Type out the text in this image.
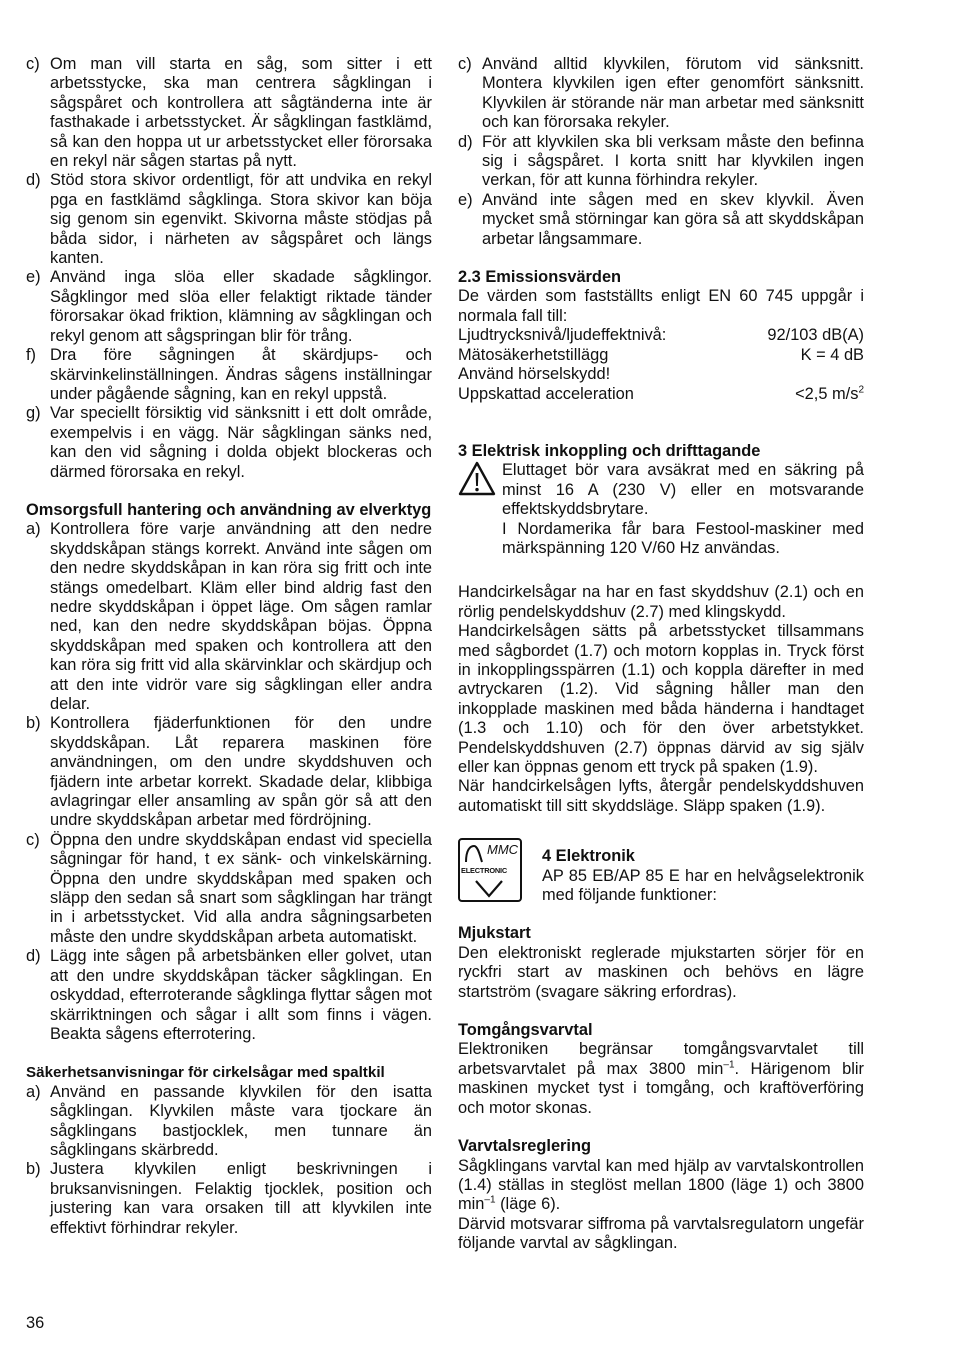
c) Om man vill starta en såg, som sitter i ett arbetsstycke, ska man centrera sågklingan i sågspåret och kontrollera att sågtänderna inte är fasthakade i arbetsstycket. Är sågklingan fastklämd, så kan den hoppa ut ur arbetsstycket eller förorsaka en rekyl när sågen startas på nytt.
d) Stöd stora skivor ordentligt, för att undvika en rekyl pga en fastklämd sågklinga. Stora skivor kan böja sig genom sin egenvikt. Skivorna måste stödjas på båda sidor, i närheten av sågspåret och längs kanten.
e) Använd inga slöa eller skadade sågklingor. Sågklingor med slöa eller felaktigt riktade tänder förorsakar ökad friktion, klämning av sågklingan och rekyl genom att sågspringan blir för trång.
f) Dra före sågningen åt skärdjups- och skärvinkelinställningen. Ändras sågens inställningar under pågående sågning, kan en rekyl uppstå.
g) Var speciellt försiktig vid sänksnitt i ett dolt område, exempelvis i en vägg. När sågklingan sänks ned, kan den vid sågning i dolda objekt blockeras och därmed förorsaka en rekyl.
Omsorgsfull hantering och användning av elverktyg
a) Kontrollera före varje användning att den nedre skyddskåpan stängs korrekt. Använd inte sågen om den nedre skyddskåpan in kan röra sig fritt och inte stängs omedelbart. Kläm eller bind aldrig fast den nedre skyddskåpan i öppet läge. Om sågen ramlar ned, kan den nedre skyddskåpan böjas. Öppna skyddskåpan med spaken och kontrollera att den kan röra sig fritt vid alla skärvinklar och skärdjup och att den inte vidrör vare sig sågklingan eller andra delar.
b) Kontrollera fjäderfunktionen för den undre skyddskåpan. Låt reparera maskinen före användningen, om den undre skyddshuven och fjädern inte arbetar korrekt. Skadade delar, klibbiga avlagringar eller ansamling av spån gör så att den undre skyddskåpan arbetar med fördröjning.
c) Öppna den undre skyddskåpan endast vid speciella sågningar för hand, t ex sänk- och vinkelskärning. Öppna den undre skyddskåpan med spaken och släpp den sedan så snart som sågklingan har trängt in i arbetsstycket. Vid alla andra sågningsarbeten måste den undre skyddskåpan arbeta automatiskt.
d) Lägg inte sågen på arbetsbänken eller golvet, utan att den undre skyddskåpan täcker sågklingan. En oskyddad, efterroterande sågklinga flyttar sågen mot skärriktningen och sågar i allt som finns i vägen. Beakta sågens efterrotering.
Säkerhetsanvisningar för cirkelsågar med spaltkil
a) Använd en passande klyvkilen för den isatta sågklingan. Klyvkilen måste vara tjockare än sågklingans bastjocklek, men tunnare än sågklingans skärbredd.
b) Justera klyvkilen enligt beskrivningen i bruksanvisningen. Felaktig tjocklek, position och justering kan vara orsaken till att klyvkilen inte effektivt förhindrar rekyler.
c) Använd alltid klyvkilen, förutom vid sänksnitt. Montera klyvkilen igen efter genomfört sänksnitt. Klyvkilen är störande när man arbetar med sänksnitt och kan förorsaka rekyler.
d) För att klyvkilen ska bli verksam måste den befinna sig i sågspåret. I korta snitt har klyvkilen ingen verkan, för att kunna förhindra rekyler.
e) Använd inte sågen med en skev klyvkil. Även mycket små störningar kan göra så att skyddskåpan arbetar långsammare.
2.3 Emissionsvärden
De värden som fastställts enligt EN 60 745 uppgår i normala fall till:
Ljudtrycksnivå/ljudeffektnivå:	92/103 dB(A)
Mätosäkerhetstillägg	K = 4 dB
Använd hörselskydd!
Uppskattad acceleration	<2,5 $m/s^2$
3 Elektrisk inkoppling och drifttagande
Eluttaget bör vara avsäkrat med en säkring på minst 16 A (230 V) eller en motsvarande effektskyddsbrytare.
I Nordamerika får bara Festool-maskiner med märkspänning 120 V/60 Hz användas.
Handcirkelsågar na har en fast skyddshuv (2.1) och en rörlig pendelskyddshuv (2.7) med klingskydd.
Handcirkelsågen sätts på arbetsstycket tillsammans med sågbordet (1.7) och motorn kopplas in. Tryck först in inkopplingsspärren (1.1) och koppla därefter in med avtryckaren (1.2). Vid sågning håller man den inkopplade maskinen med båda händerna i handtaget (1.3 och 1.10) och för den över arbetstykket. Pendelskyddshuven (2.7) öppnas därvid av sig själv eller kan öppnas genom ett tryck på spaken (1.9).
När handcirkelsågen lyfts, återgår pendelskyddshuven automatiskt till sitt skyddsläge. Släpp spaken (1.9).
MMC
ELECTRONIC
4 Elektronik
AP 85 EB/AP 85 E har en helvågselektronik med följande funktioner:
Mjukstart
Den elektroniskt reglerade mjukstarten sörjer för en ryckfri start av maskinen och behövs en lägre startström (svagare säkring erfordras).
Tomgångsvarvtal
Elektroniken begränsar tomgångsvarvtalet till arbetsvarvtalet på max 3800 $\min^{-1}$. Härigenom blir maskinen mycket tyst i tomgång, och kraftöverföring och motor skonas.
Varvtalsreglering
Sågklingans varvtal kan med hjälp av varvtalskontrollen (1.4) ställas in steglöst mellan 1800 (läge 1) och 3800 $\min^{-1}$ (läge 6).
Därvid motsvarar siffroma på varvtalsregulatorn ungefär följande varvtal av sågklingan.
36
